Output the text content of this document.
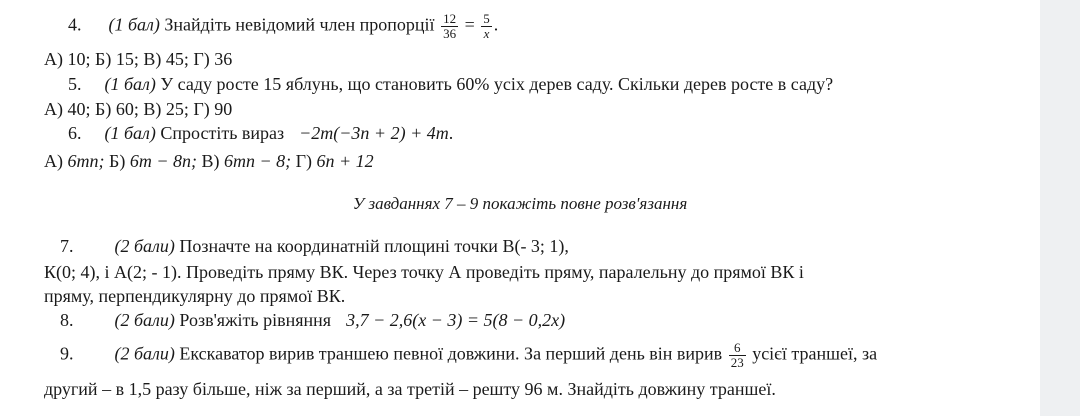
4. (1 бал) Знайдіть невідомий член пропорції $\frac{12}{36} = \frac{5}{x}$ .
А) 10; Б) 15; В) 45; Г) 36
5. (1 бал) У саду росте 15 яблунь, що становить 60% усіх дерев саду. Скільки дерев росте в саду?
А) 40; Б) 60; В) 25; Г) 90
6. (1 бал) Спростіть вираз −2m(−3n + 2) + 4m.
А) 6mn; Б) 6m − 8n; В) 6mn − 8; Г) 6n + 12
У завданнях 7 – 9 покажіть повне розв'язання
7. (2 бали) Позначте на координатній площині точки В(- 3; 1),
К(0; 4), і А(2; - 1). Проведіть пряму ВК. Через точку А проведіть пряму, паралельну до прямої ВК і
пряму, перпендикулярну до прямої ВК.
8. (2 бали) Розв'яжіть рівняння 3,7 − 2,6(x − 3) = 5(8 − 0,2x)
9. (2 бали) Екскаватор вирив траншею певної довжини. За перший день він вирив $\frac{6}{23}$ усієї траншеї, за
другий – в 1,5 разу більше, ніж за перший, а за третій – решту 96 м. Знайдіть довжину траншеї.
